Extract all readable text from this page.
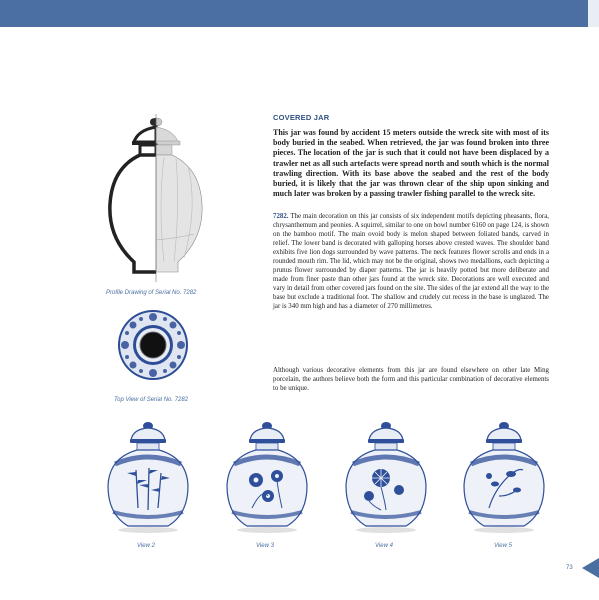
Profile Drawing of Serial No. 7282
Top View of Serial No. 7282
COVERED JAR

This jar was found by accident 15 meters outside the wreck site with most of its body buried in the seabed. When retrieved, the jar was found broken into three pieces. The location of the jar is such that it could not have been displaced by a trawler net as all such artefacts were spread north and south which is the normal trawling direction. With its base above the seabed and the rest of the body buried, it is likely that the jar was thrown clear of the ship upon sinking and much later was broken by a passing trawler fishing parallel to the wreck site.

7282. The main decoration on this jar consists of six independent motifs depicting pheasants, flora, chrysanthemum and peonies. A squirrel, similar to one on bowl number 6160 on page 124, is shown on the bamboo motif. The main ovoid body is melon shaped between foliated bands, carved in relief. The lower band is decorated with galloping horses above crested waves. The shoulder band exhibits five lion dogs surrounded by wave patterns. The neck features flower scrolls and ends in a rounded mouth rim. The lid, which may not be the original, shows two medallions, each depicting a prunus flower surrounded by diaper patterns. The jar is heavily potted but more deliberate and made from finer paste than other jars found at the wreck site. Decorations are well executed and vary in detail from other covered jars found on the site. The sides of the jar extend all the way to the base but exclude a traditional foot. The shallow and crudely cut recess in the base is unglazed. The jar is 340 mm high and has a diameter of 270 millimetres.

Although various decorative elements from this jar are found elsewhere on other late Ming porcelain, the authors believe both the form and this particular combination of decorative elements to be unique.

View 2	View 3	View 4	View 5
73
